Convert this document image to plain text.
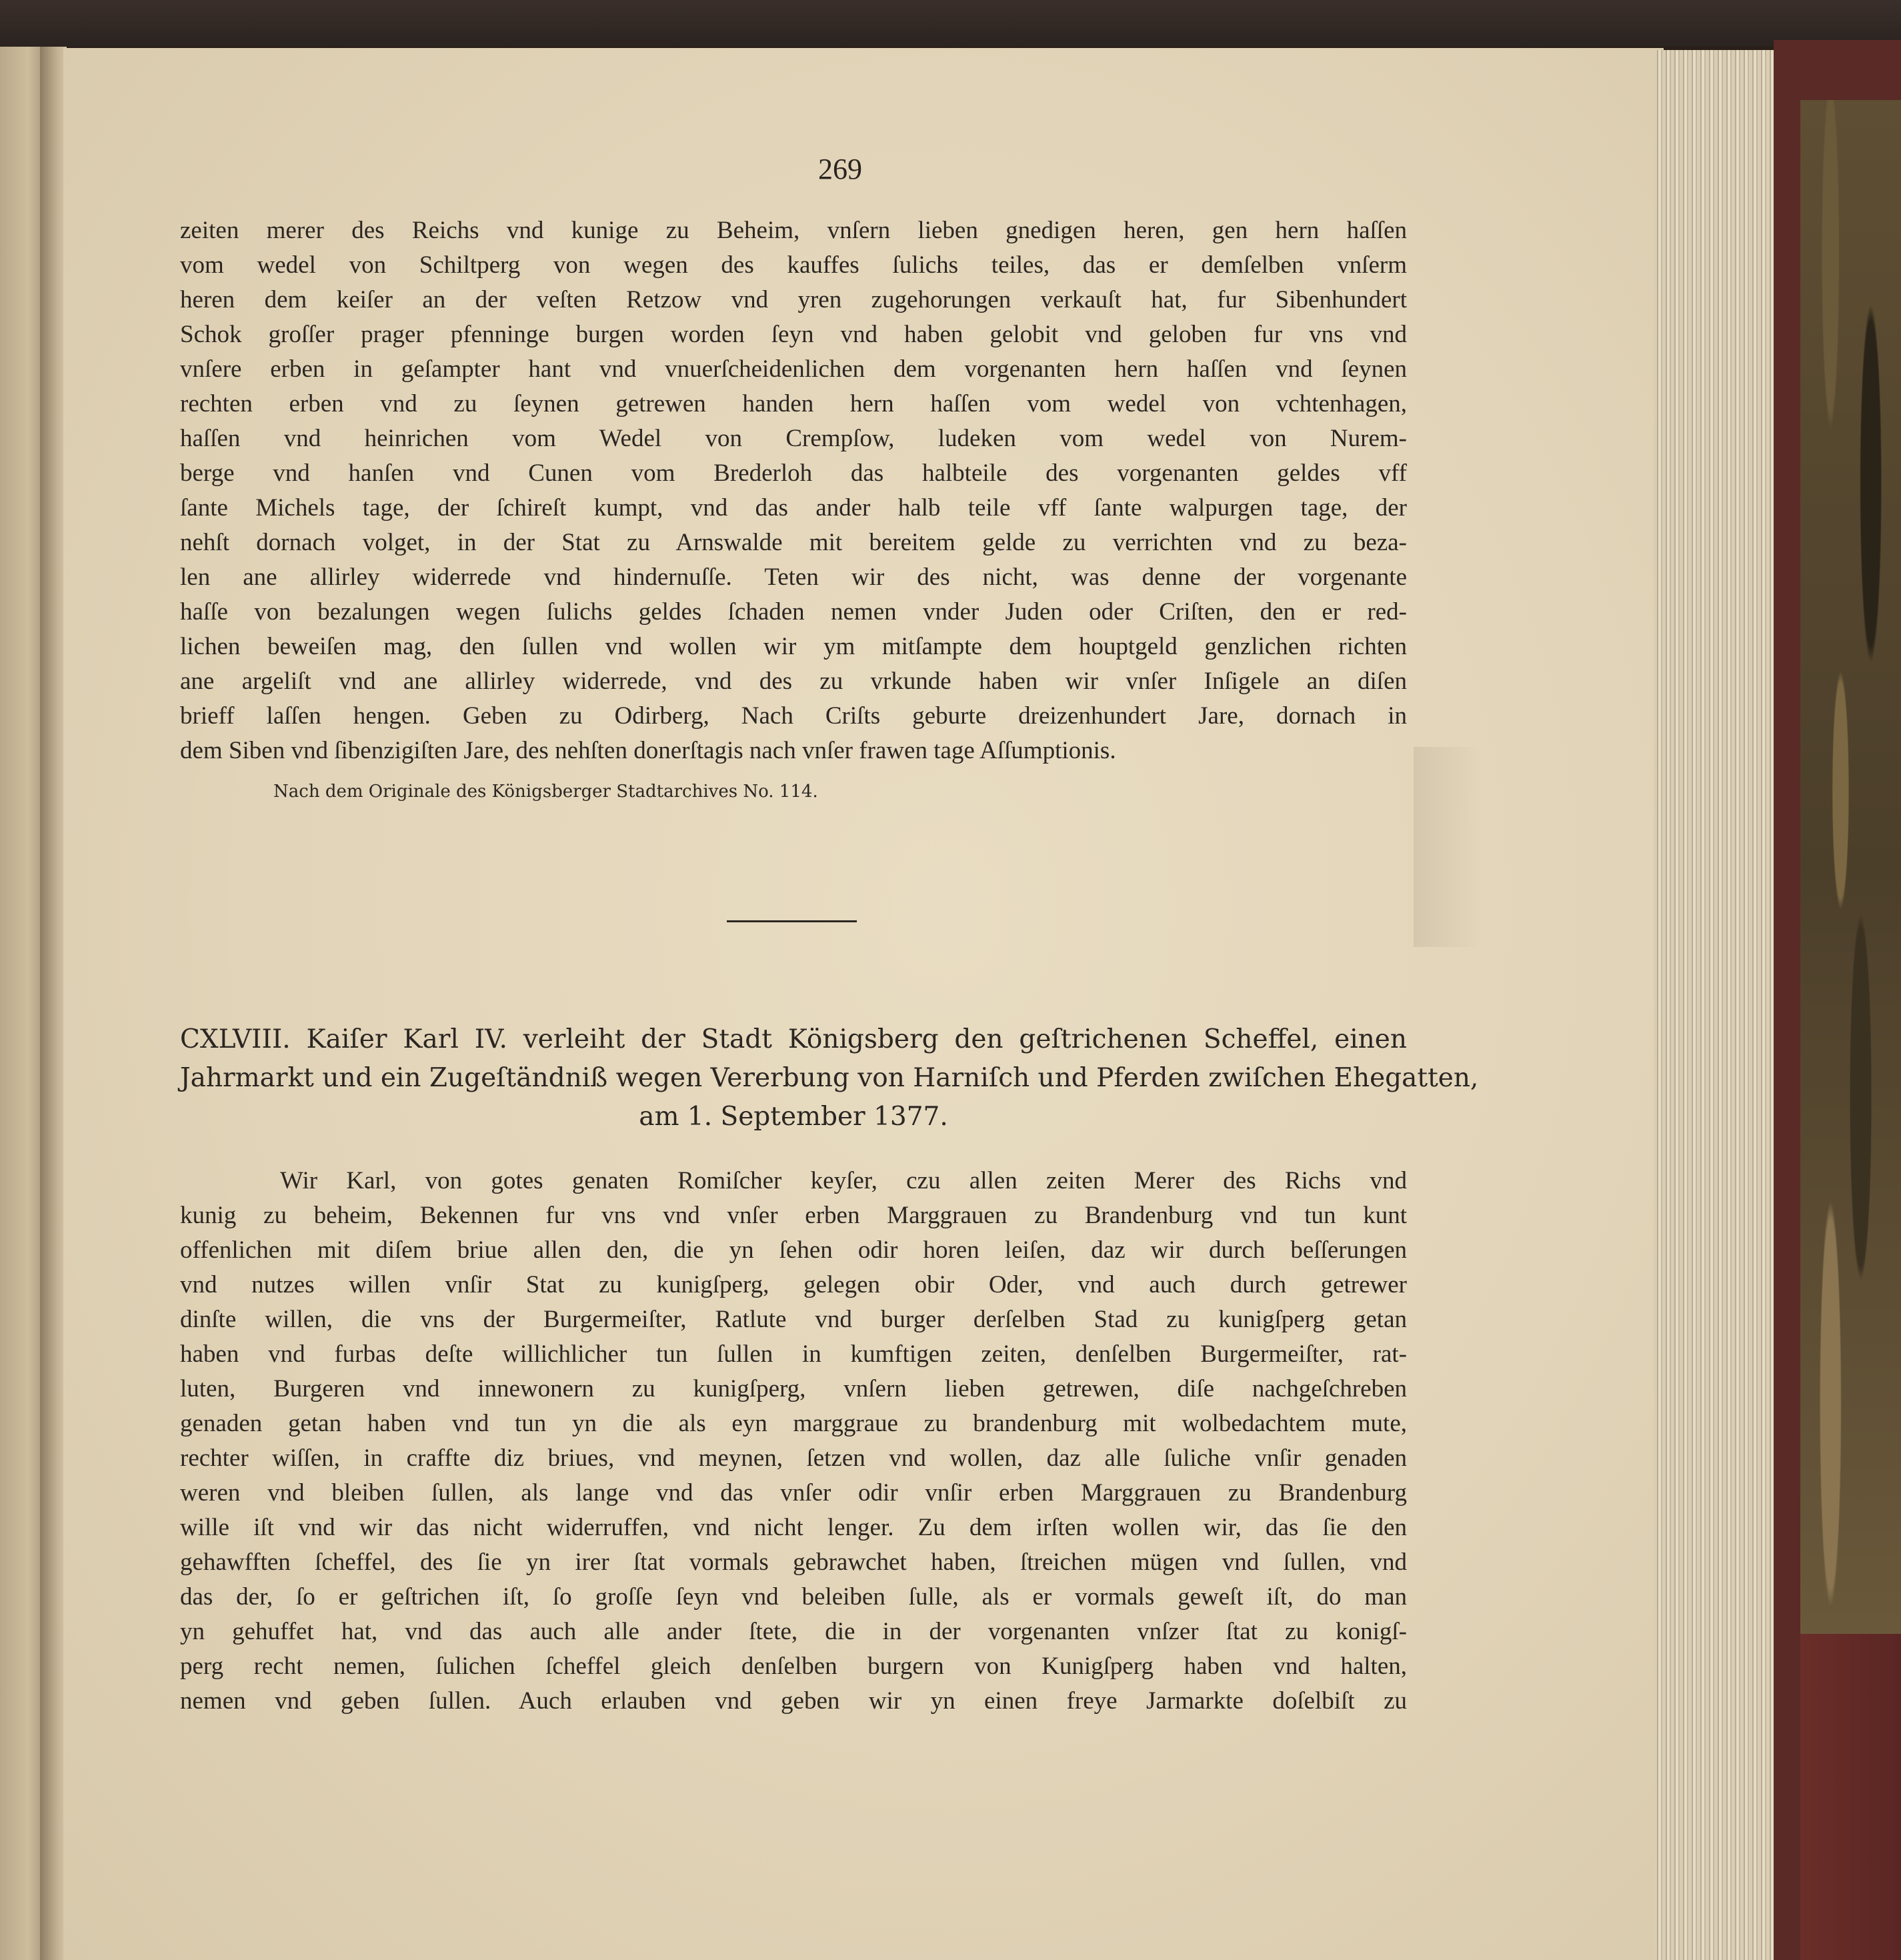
269
zeiten merer des Reichs vnd kunige zu Beheim, vnſern lieben gnedigen heren, gen hern haſſen
vom wedel von Schiltperg von wegen des kauffes ſulichs teiles, das er demſelben vnſerm
heren dem keiſer an der veſten Retzow vnd yren zugehorungen verkauſt hat, fur Sibenhundert
Schok groſſer prager pfenninge burgen worden ſeyn vnd haben gelobit vnd geloben fur vns vnd
vnſere erben in geſampter hant vnd vnuerſcheidenlichen dem vorgenanten hern haſſen vnd ſeynen
rechten erben vnd zu ſeynen getrewen handen hern haſſen vom wedel von vchtenhagen,
haſſen vnd heinrichen vom Wedel von Crempſow, ludeken vom wedel von Nurem-
berge vnd hanſen vnd Cunen vom Brederloh das halbteile des vorgenanten geldes vff
ſante Michels tage, der ſchireſt kumpt, vnd das ander halb teile vff ſante walpurgen tage, der
nehſt dornach volget, in der Stat zu Arnswalde mit bereitem gelde zu verrichten vnd zu beza-
len ane allirley widerrede vnd hindernuſſe. Teten wir des nicht, was denne der vorgenante
haſſe von bezalungen wegen ſulichs geldes ſchaden nemen vnder Juden oder Criſten, den er red-
lichen beweiſen mag, den ſullen vnd wollen wir ym mitſampte dem houptgeld genzlichen richten
ane argeliſt vnd ane allirley widerrede, vnd des zu vrkunde haben wir vnſer Inſigele an diſen
brieff laſſen hengen. Geben zu Odirberg, Nach Criſts geburte dreizenhundert Jare, dornach in
dem Siben vnd ſibenzigiſten Jare, des nehſten donerſtagis nach vnſer frawen tage Aſſumptionis.
Nach dem Originale des Königsberger Stadtarchives No. 114.
CXLVIII. Kaiſer Karl IV. verleiht der Stadt Königsberg den geſtrichenen Scheffel, einen
Jahrmarkt und ein Zugeſtändniß wegen Vererbung von Harniſch und Pferden zwiſchen Ehegatten,
am 1. September 1377.
Wir Karl, von gotes genaten Romiſcher keyſer, czu allen zeiten Merer des Richs vnd
kunig zu beheim, Bekennen fur vns vnd vnſer erben Marggrauen zu Brandenburg vnd tun kunt
offenlichen mit diſem briue allen den, die yn ſehen odir horen leiſen, daz wir durch beſſerungen
vnd nutzes willen vnſir Stat zu kunigſperg, gelegen obir Oder, vnd auch durch getrewer
dinſte willen, die vns der Burgermeiſter, Ratlute vnd burger derſelben Stad zu kunigſperg getan
haben vnd furbas deſte willichlicher tun ſullen in kumftigen zeiten, denſelben Burgermeiſter, rat-
luten, Burgeren vnd innewonern zu kunigſperg, vnſern lieben getrewen, diſe nachgeſchreben
genaden getan haben vnd tun yn die als eyn marggraue zu brandenburg mit wolbedachtem mute,
rechter wiſſen, in craffte diz briues, vnd meynen, ſetzen vnd wollen, daz alle ſuliche vnſir genaden
weren vnd bleiben ſullen, als lange vnd das vnſer odir vnſir erben Marggrauen zu Brandenburg
wille iſt vnd wir das nicht widerruffen, vnd nicht lenger. Zu dem irſten wollen wir, das ſie den
gehawfften ſcheffel, des ſie yn irer ſtat vormals gebrawchet haben, ſtreichen mügen vnd ſullen, vnd
das der, ſo er geſtrichen iſt, ſo groſſe ſeyn vnd beleiben ſulle, als er vormals geweſt iſt, do man
yn gehuffet hat, vnd das auch alle ander ſtete, die in der vorgenanten vnſzer ſtat zu konigſ-
perg recht nemen, ſulichen ſcheffel gleich denſelben burgern von Kunigſperg haben vnd halten,
nemen vnd geben ſullen. Auch erlauben vnd geben wir yn einen freye Jarmarkte doſelbiſt zu
